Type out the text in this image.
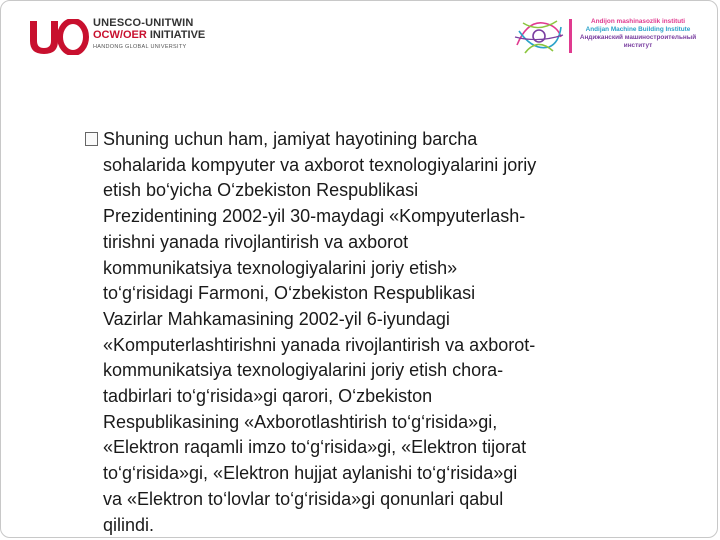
UNESCO-UNITWIN
OCW/OER INITIATIVE
HANDONG GLOBAL UNIVERSITY
Andijon mashinasozlik instituti
Andijan Machine Building Institute
Андижанский машиностроительный
институт
Shuning uchun ham, jamiyat hayotining barcha
sohalarida kompyuter va axborot texnologiyalarini joriy
etish bo‘yicha O‘zbekiston Respublikasi
Prezidentining 2002-yil 30-maydagi «Kompyuterlash-
tirishni yanada rivojlantirish va axborot
kommunikatsiya texnologiyalarini joriy etish»
to‘g‘risidagi Farmoni, O‘zbekiston Respublikasi
Vazirlar Mahkamasining 2002-yil 6-iyundagi
«Komputerlashtirishni yanada rivojlantirish va axborot-
kommunikatsiya texnologiyalarini joriy etish chora-
tadbirlari to‘g‘risida»gi qarori, O‘zbekiston
Respublikasining «Axborotlashtirish to‘g‘risida»gi,
«Elektron raqamli imzo to‘g‘risida»gi, «Elektron tijorat
to‘g‘risida»gi, «Elektron hujjat aylanishi to‘g‘risida»gi
va «Elektron to‘lovlar to‘g‘risida»gi qonunlari qabul
qilindi.
